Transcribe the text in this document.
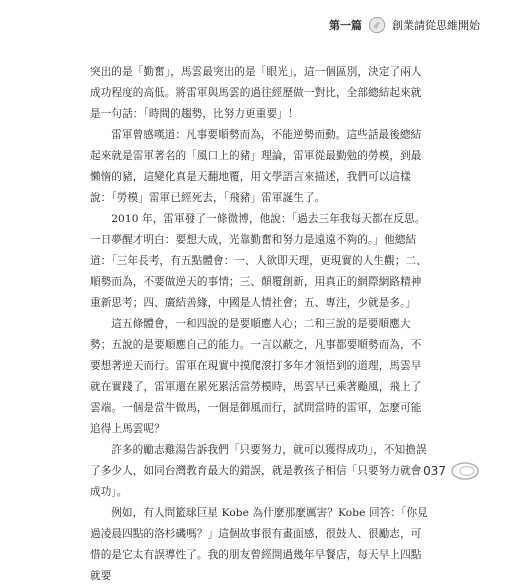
第一篇	創業請從思維開始

突出的是「勤奮」，馬雲最突出的是「眼光」，這一個區別，決定了兩人成功程度的高低。將雷軍與馬雲的過往經歷做一對比，全部總結起來就是一句話：「時間的趨勢，比努力更重要」！

雷軍曾感嘆道：凡事要順勢而為，不能逆勢而動。這些話最後總結起來就是雷軍著名的「風口上的豬」理論，雷軍從最勤勉的勞模，到最懶惰的豬，這變化真是天翻地覆，用文學語言來描述，我們可以這樣說：「勞模」雷軍已經死去，「飛豬」雷軍誕生了。

2010 年，雷軍發了一條微博，他說：「過去三年我每天都在反思。一日夢醒才明白：要想大成，光靠勤奮和努力是遠遠不夠的。」他總結道：「三年長考，有五點體會：一、人欲即天理，更現實的人生觀；二、順勢而為，不要做逆天的事情；三、顛覆創新，用真正的網際網路精神重新思考；四、廣結善緣，中國是人情社會；五、專注，少就是多。」

這五條體會，一和四說的是要順應人心；二和三說的是要順應大勢；五說的是要順應自己的能力。一言以蔽之，凡事都要順勢而為，不要想著逆天而行。雷軍在現實中摸爬滾打多年才領悟到的道理，馬雲早就在實踐了，雷軍還在累死累活當勞模時，馬雲早已乘著颱風，飛上了雲端。一個是當牛做馬，一個是御風而行，試問當時的雷軍，怎麼可能追得上馬雲呢？

許多的勵志雞湯告訴我們「只要努力，就可以獲得成功」，不知擔誤了多少人，如同台灣教育最大的錯誤，就是教孩子相信「只要努力就會成功」。

例如，有人問籃球巨星 Kobe 為什麼那麼厲害？Kobe 回答：「你見過凌晨四點的洛杉磯嗎？」這個故事很有畫面感，很鼓人、很勵志，可惜的是它太有誤導性了。我的朋友曾經開過幾年早餐店，每天早上四點就要

037
